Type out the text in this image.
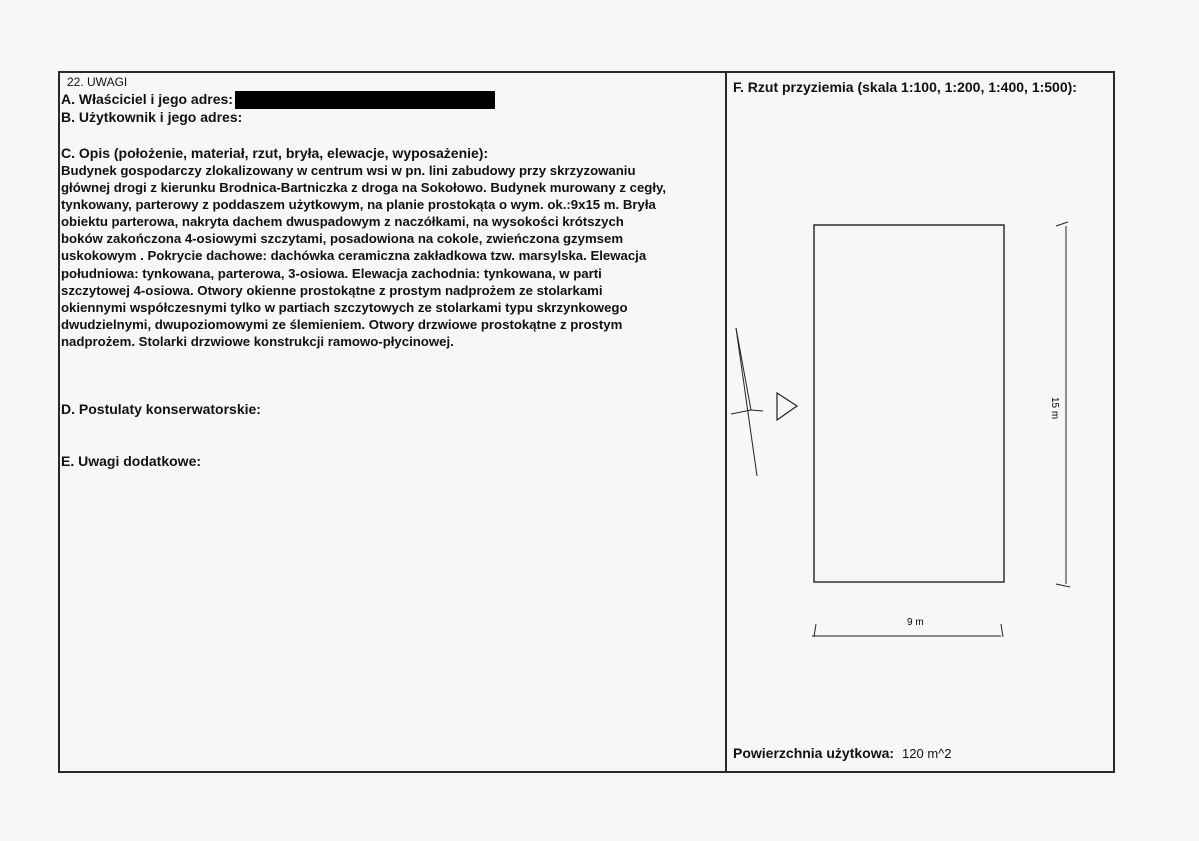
22. UWAGI

A. Właściciel i jego adres:

B. Użytkownik i jego adres:

C. Opis (położenie, materiał, rzut, bryła, elewacje, wyposażenie):

Budynek gospodarczy zlokalizowany w centrum wsi w pn. lini zabudowy przy skrzyzowaniu

głównej drogi z kierunku Brodnica-Bartniczka z droga na Sokołowo. Budynek murowany z cegły,

tynkowany, parterowy z poddaszem użytkowym, na planie prostokąta o wym. ok.:9x15 m. Bryła

obiektu parterowa, nakryta dachem dwuspadowym z naczółkami, na wysokości krótszych

boków zakończona 4-osiowymi szczytami, posadowiona na cokole, zwieńczona gzymsem

uskokowym . Pokrycie dachowe: dachówka ceramiczna zakładkowa tzw. marsylska. Elewacja

południowa: tynkowana, parterowa, 3-osiowa. Elewacja zachodnia: tynkowana, w parti

szczytowej 4-osiowa. Otwory okienne prostokątne z prostym nadprożem ze stolarkami

okiennymi współczesnymi tylko w partiach szczytowych ze stolarkami typu skrzynkowego

dwudzielnymi, dwupoziomowymi ze ślemieniem. Otwory drzwiowe prostokątne z prostym

nadprożem. Stolarki drzwiowe konstrukcji ramowo-płycinowej.

D. Postulaty konserwatorskie:

E. Uwagi dodatkowe:

F. Rzut przyziemia (skala 1:100, 1:200, 1:400, 1:500):
15 m
9 m
Powierzchnia użytkowa: 120 m^2
